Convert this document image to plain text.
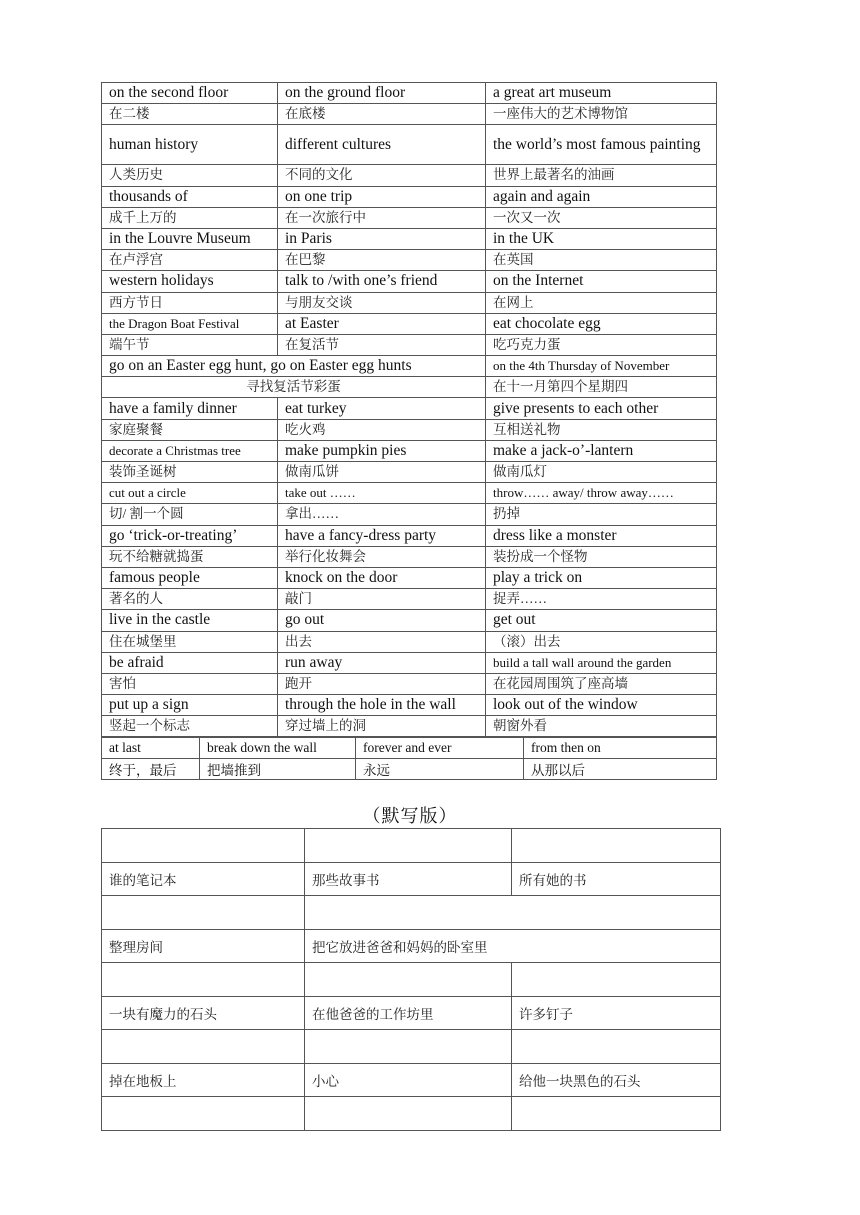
on the second floor	on the ground floor	a great art museum
在二楼	在底楼	一座伟大的艺术博物馆
human history	different cultures	the world’s most famous painting
人类历史	不同的文化	世界上最著名的油画
thousands of	on one trip	again and again
成千上万的	在一次旅行中	一次又一次
in the Louvre Museum	in Paris	in the UK
在卢浮宫	在巴黎	在英国
western holidays	talk to /with one’s friend	on the Internet
西方节日	与朋友交谈	在网上
the Dragon Boat Festival	at Easter	eat chocolate egg
端午节	在复活节	吃巧克力蛋
go on an Easter egg hunt, go on Easter egg hunts		on the 4th Thursday of November
寻找复活节彩蛋		在十一月第四个星期四
have a family dinner	eat turkey	give presents to each other
家庭聚餐	吃火鸡	互相送礼物
decorate a Christmas tree	make pumpkin pies	make a jack-o’-lantern
装饰圣诞树	做南瓜饼	做南瓜灯
cut out a circle	take out ……	throw…… away/ throw away……
切/ 割一个圆	拿出……	扔掉
go ‘trick-or-treating’	have a fancy-dress party	dress like a monster
玩不给糖就捣蛋	举行化妆舞会	装扮成一个怪物
famous people	knock on the door	play a trick on
著名的人	敲门	捉弄……
live in the castle	go out	get out
住在城堡里	出去	（滚）出去
be afraid	run away	build a tall wall around the garden
害怕	跑开	在花园周围筑了座高墙
put up a sign	through the hole in the wall	look out of the window
竖起一个标志	穿过墙上的洞	朝窗外看
at last	break down the wall	forever and ever	from then on
终于，最后	把墙推到	永远	从那以后
（默写版）

谁的笔记本	那些故事书	所有她的书

整理房间	把它放进爸爸和妈妈的卧室里	

一块有魔力的石头	在他爸爸的工作坊里	许多钉子

掉在地板上	小心	给他一块黑色的石头
